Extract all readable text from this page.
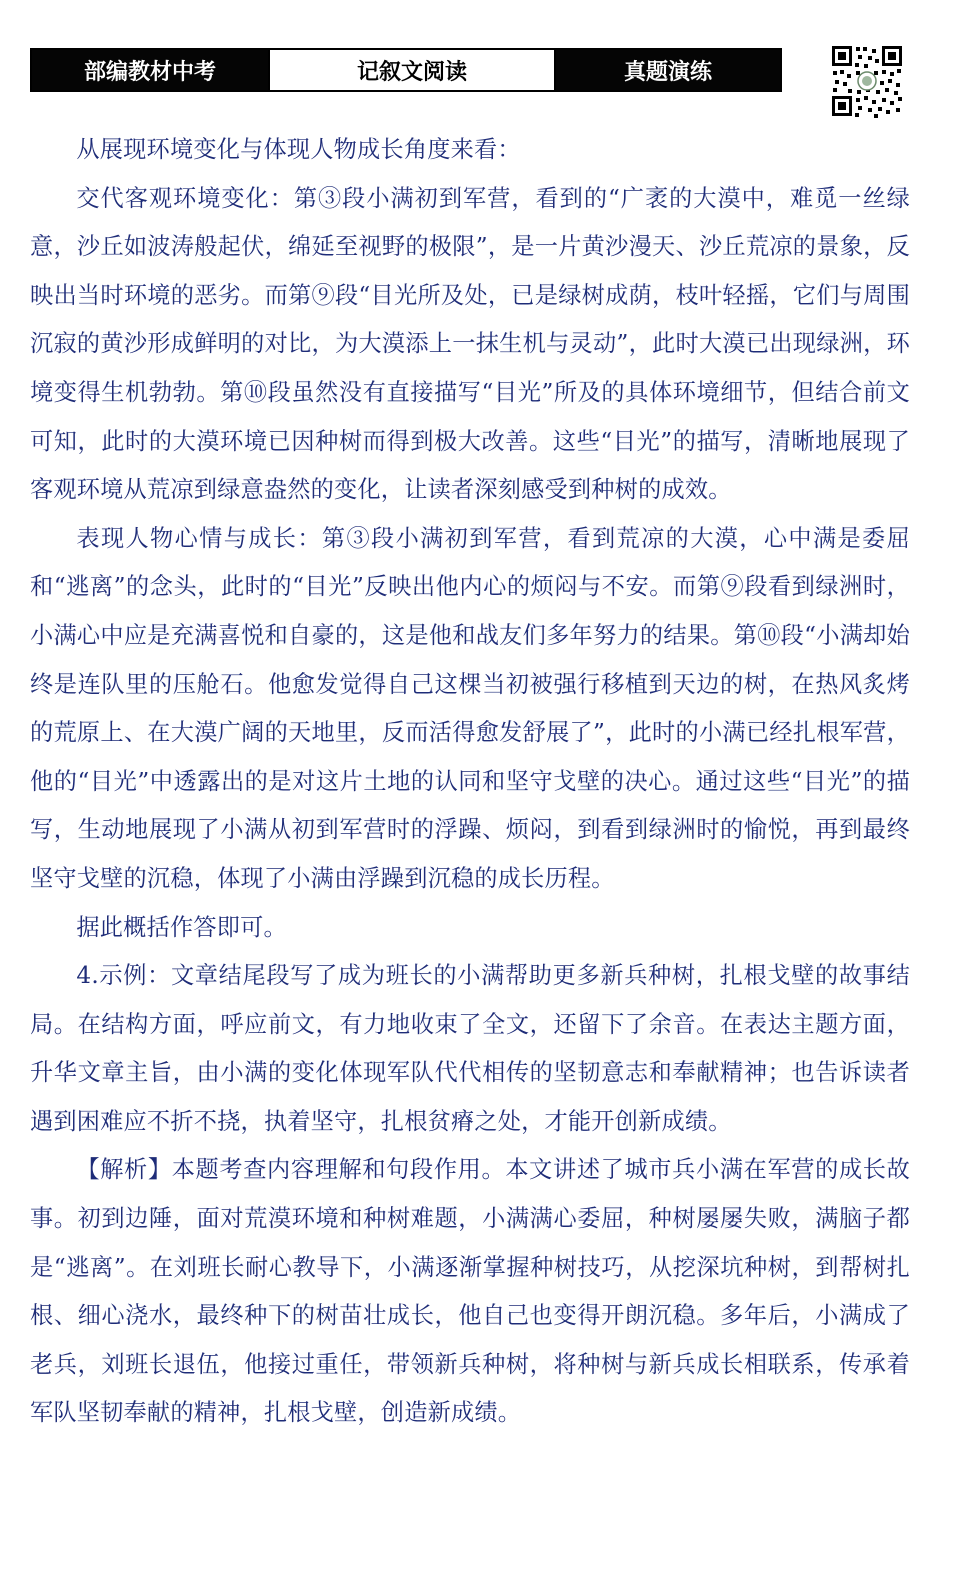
部编教材中考	记叙文阅读	真题演练

从展现环境变化与体现人物成长角度来看：

交代客观环境变化：第③段小满初到军营，看到的“广袤的大漠中，难觅一丝绿意，沙丘如波涛般起伏，绵延至视野的极限”，是一片黄沙漫天、沙丘荒凉的景象，反映出当时环境的恶劣。而第⑨段“目光所及处，已是绿树成荫，枝叶轻摇，它们与周围沉寂的黄沙形成鲜明的对比，为大漠添上一抹生机与灵动”，此时大漠已出现绿洲，环境变得生机勃勃。第⑩段虽然没有直接描写“目光”所及的具体环境细节，但结合前文可知，此时的大漠环境已因种树而得到极大改善。这些“目光”的描写，清晰地展现了客观环境从荒凉到绿意盎然的变化，让读者深刻感受到种树的成效。

表现人物心情与成长：第③段小满初到军营，看到荒凉的大漠，心中满是委屈和“逃离”的念头，此时的“目光”反映出他内心的烦闷与不安。而第⑨段看到绿洲时，小满心中应是充满喜悦和自豪的，这是他和战友们多年努力的结果。第⑩段“小满却始终是连队里的压舱石。他愈发觉得自己这棵当初被强行移植到天边的树，在热风炙烤的荒原上、在大漠广阔的天地里，反而活得愈发舒展了”，此时的小满已经扎根军营，他的“目光”中透露出的是对这片土地的认同和坚守戈壁的决心。通过这些“目光”的描写，生动地展现了小满从初到军营时的浮躁、烦闷，到看到绿洲时的愉悦，再到最终坚守戈壁的沉稳，体现了小满由浮躁到沉稳的成长历程。

据此概括作答即可。

4.示例：文章结尾段写了成为班长的小满帮助更多新兵种树，扎根戈壁的故事结局。在结构方面，呼应前文，有力地收束了全文，还留下了余音。在表达主题方面，升华文章主旨，由小满的变化体现军队代代相传的坚韧意志和奉献精神；也告诉读者遇到困难应不折不挠，执着坚守，扎根贫瘠之处，才能开创新成绩。

【解析】本题考查内容理解和句段作用。本文讲述了城市兵小满在军营的成长故事。初到边陲，面对荒漠环境和种树难题，小满满心委屈，种树屡屡失败，满脑子都是“逃离”。在刘班长耐心教导下，小满逐渐掌握种树技巧，从挖深坑种树，到帮树扎根、细心浇水，最终种下的树苗壮成长，他自己也变得开朗沉稳。多年后，小满成了老兵，刘班长退伍，他接过重任，带领新兵种树，将种树与新兵成长相联系，传承着军队坚韧奉献的精神，扎根戈壁，创造新成绩。
